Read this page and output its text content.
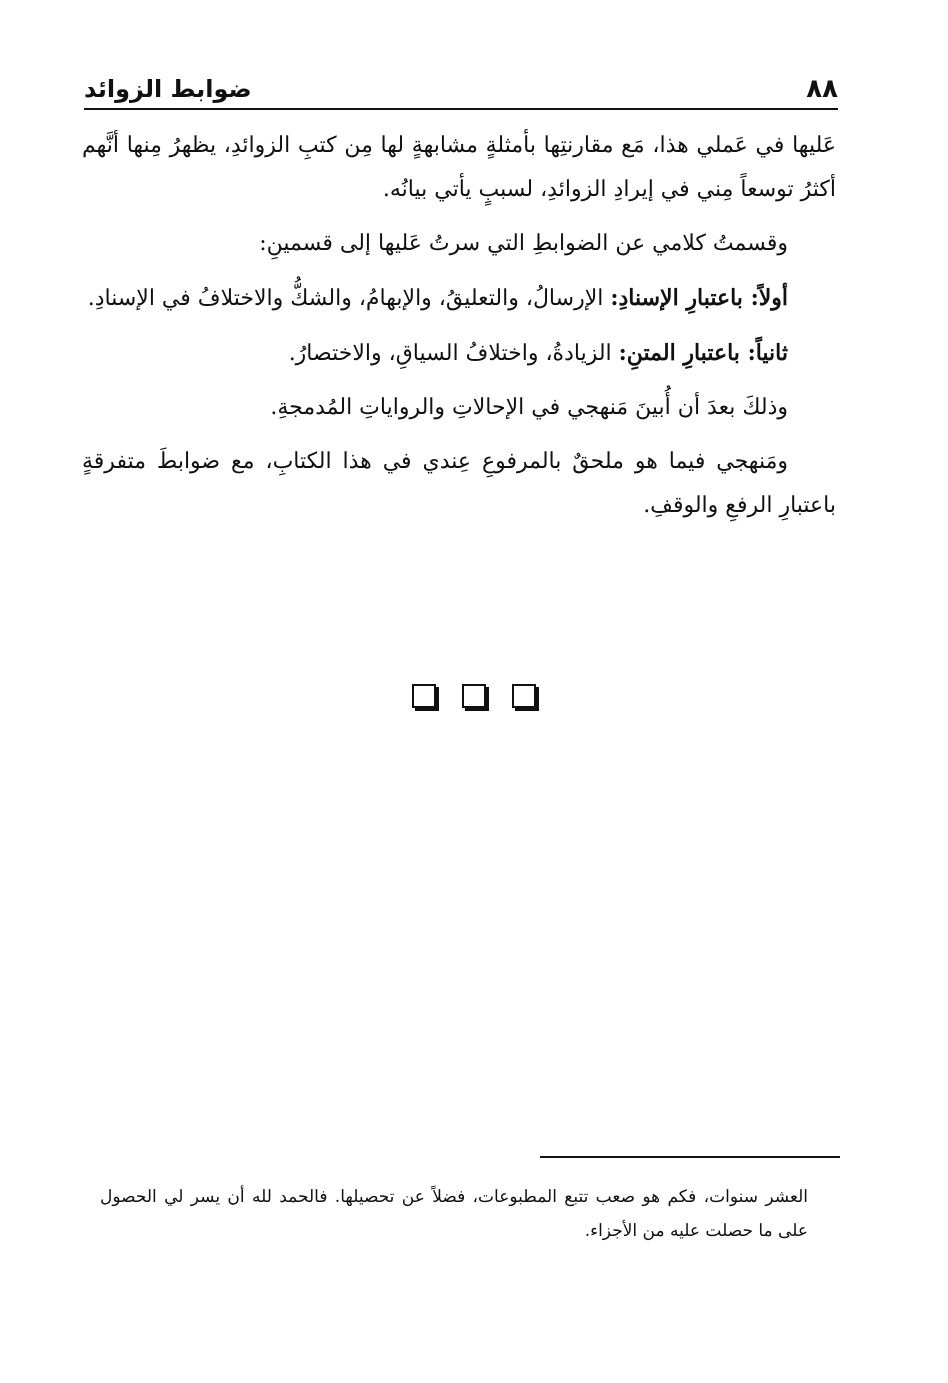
٨٨
ضوابط الزوائد

عَليها في عَملي هذا، مَع مقارنتِها بأمثلةٍ مشابهةٍ لها مِن كتبِ الزوائدِ، يظهرُ مِنها أنَّهم أكثرُ توسعاً مِني في إيرادِ الزوائدِ، لسببٍ يأتي بيانُه.

وقسمتُ كلامي عن الضوابطِ التي سرتُ عَليها إلى قسمينِ:

أولاً: باعتبارِ الإسنادِ: الإرسالُ، والتعليقُ، والإبهامُ، والشكُّ والاختلافُ في الإسنادِ.

ثانياً: باعتبارِ المتنِ: الزيادةُ، واختلافُ السياقِ، والاختصارُ.

وذلكَ بعدَ أن أُبينَ مَنهجي في الإحالاتِ والرواياتِ المُدمجةِ.

ومَنهجي فيما هو ملحقٌ بالمرفوعِ عِندي في هذا الكتابِ، مع ضوابطَ متفرقةٍ باعتبارِ الرفعِ والوقفِ.

العشر سنوات، فكم هو صعب تتبع المطبوعات، فضلاً عن تحصيلها. فالحمد لله أن يسر لي الحصول على ما حصلت عليه من الأجزاء.
